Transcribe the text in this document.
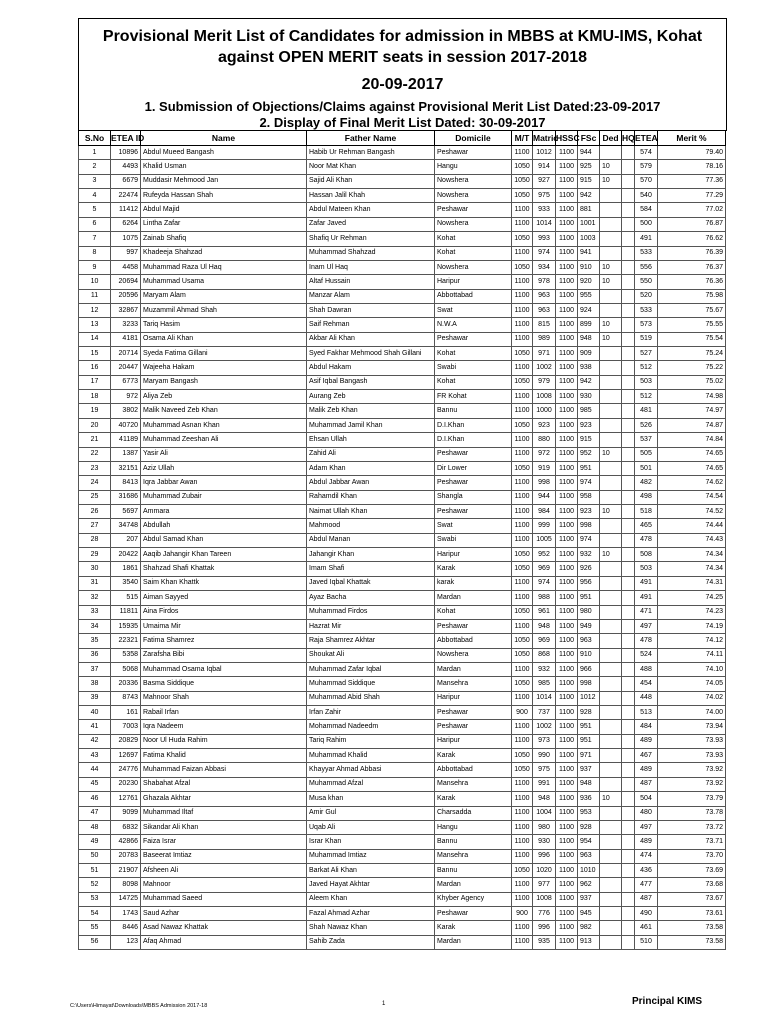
Provisional Merit List of Candidates for admission in MBBS at KMU-IMS, Kohat
against OPEN MERIT seats in session 2017-2018
20-09-2017
1. Submission of Objections/Claims against Provisional Merit List Dated:23-09-2017
2. Display of Final Merit List Dated: 30-09-2017
S.No	ETEA ID	Name	Father Name	Domicile	M/T	Matric	HSSC	FSc	Ded	HQ	ETEA	Merit %
1	10896	Abdul Mueed Bangash	Habib Ur Rehman Bangash	Peshawar	1100	1012	1100	944			574	79.40
2	4493	Khalid Usman	Noor Mat Khan	Hangu	1050	914	1100	925	10		579	78.16
3	6679	Muddasir Mehmood Jan	Sajid Ali Khan	Nowshera	1050	927	1100	915	10		570	77.36
4	22474	Rufeyda Hassan Shah	Hassan Jalil Khah	Nowshera	1050	975	1100	942			540	77.29
5	11412	Abdul Majid	Abdul Mateen Khan	Peshawar	1100	933	1100	881			584	77.02
6	6264	Lintha Zafar	Zafar Javed	Nowshera	1100	1014	1100	1001			500	76.87
7	1075	Zainab Shafiq	Shafiq Ur Rehman	Kohat	1050	993	1100	1003			491	76.62
8	997	Khadeeja Shahzad	Muhammad Shahzad	Kohat	1100	974	1100	941			533	76.39
9	4458	Muhammad Raza Ul Haq	Inam Ul Haq	Nowshera	1050	934	1100	910	10		556	76.37
10	20694	Muhammad Usama	Altaf Hussain	Haripur	1100	978	1100	920	10		550	76.36
11	20596	Maryam Alam	Manzar Alam	Abbottabad	1100	963	1100	955			520	75.98
12	32867	Muzammil Ahmad Shah	Shah Dawran	Swat	1100	963	1100	924			533	75.67
13	3233	Tariq Hasim	Saif Rehman	N.W.A	1100	815	1100	899	10		573	75.55
14	4181	Osama Ali Khan	Akbar Ali Khan	Peshawar	1100	989	1100	948	10		519	75.54
15	20714	Syeda Fatima Gillani	Syed Fakhar Mehmood Shah Gillani	Kohat	1050	971	1100	909			527	75.24
16	20447	Wajeeha Hakam	Abdul Hakam	Swabi	1100	1002	1100	938			512	75.22
17	6773	Maryam Bangash	Asif Iqbal Bangash	Kohat	1050	979	1100	942			503	75.02
18	972	Aliya Zeb	Aurang Zeb	FR Kohat	1100	1008	1100	930			512	74.98
19	3802	Malik Naveed Zeb Khan	Malik Zeb Khan	Bannu	1100	1000	1100	985			481	74.97
20	40720	Muhammad Asnan Khan	Muhammad Jamil Khan	D.I.Khan	1050	923	1100	923			526	74.87
21	41189	Muhammad Zeeshan Ali	Ehsan Ullah	D.I.Khan	1100	880	1100	915			537	74.84
22	1387	Yasir Ali	Zahid Ali	Peshawar	1100	972	1100	952	10		505	74.65
23	32151	Aziz Ullah	Adam Khan	Dir Lower	1050	919	1100	951			501	74.65
24	8413	Iqra Jabbar Awan	Abdul Jabbar Awan	Peshawar	1100	998	1100	974			482	74.62
25	31686	Muhammad Zubair	Rahamdil Khan	Shangla	1100	944	1100	958			498	74.54
26	5697	Ammara	Naimat Ullah Khan	Peshawar	1100	984	1100	923	10		518	74.52
27	34748	Abdullah	Mahmood	Swat	1100	999	1100	998			465	74.44
28	207	Abdul Samad Khan	Abdul Manan	Swabi	1100	1005	1100	974			478	74.43
29	20422	Aaqib Jahangir Khan Tareen	Jahangir Khan	Haripur	1050	952	1100	932	10		508	74.34
30	1861	Shahzad Shafi Khattak	Imam Shafi	Karak	1050	969	1100	926			503	74.34
31	3540	Saim Khan Khattk	Javed Iqbal Khattak	karak	1100	974	1100	956			491	74.31
32	515	Aiman Sayyed	Ayaz Bacha	Mardan	1100	988	1100	951			491	74.25
33	11811	Aina Firdos	Muhammad Firdos	Kohat	1050	961	1100	980			471	74.23
34	15935	Umaima Mir	Hazrat Mir	Peshawar	1100	948	1100	949			497	74.19
35	22321	Fatima Shamrez	Raja Shamrez Akhtar	Abbottabad	1050	969	1100	963			478	74.12
36	5358	Zarafsha Bibi	Shoukat Ali	Nowshera	1050	868	1100	910			524	74.11
37	5068	Muhammad Osama Iqbal	Muhammad Zafar Iqbal	Mardan	1100	932	1100	966			488	74.10
38	20336	Basma Siddique	Muhammad Siddique	Mansehra	1050	985	1100	998			454	74.05
39	8743	Mahnoor Shah	Muhammad Abid Shah	Haripur	1100	1014	1100	1012			448	74.02
40	161	Rabail Irfan	Irfan Zahir	Peshawar	900	737	1100	928			513	74.00
41	7003	Iqra Nadeem	Mohammad Nadeedm	Peshawar	1100	1002	1100	951			484	73.94
42	20829	Noor Ul Huda Rahim	Tariq Rahim	Haripur	1100	973	1100	951			489	73.93
43	12697	Fatima Khalid	Muhammad Khalid	Karak	1050	990	1100	971			467	73.93
44	24776	Muhammad Faizan Abbasi	Khayyar Ahmad Abbasi	Abbottabad	1050	975	1100	937			489	73.92
45	20230	Shabahat Afzal	Muhammad Afzal	Mansehra	1100	991	1100	948			487	73.92
46	12761	Ghazala Akhtar	Musa khan	Karak	1100	948	1100	936	10		504	73.79
47	9099	Muhammad Iltaf	Amir Gul	Charsadda	1100	1004	1100	953			480	73.78
48	6832	Sikandar Ali Khan	Uqab Ali	Hangu	1100	980	1100	928			497	73.72
49	42866	Faiza Israr	Israr Khan	Bannu	1100	930	1100	954			489	73.71
50	20783	Baseerat Imtiaz	Muhammad Imtiaz	Mansehra	1100	996	1100	963			474	73.70
51	21907	Afsheen Ali	Barkat Ali Khan	Bannu	1050	1020	1100	1010			436	73.69
52	8098	Mahnoor	Javed Hayat Akhtar	Mardan	1100	977	1100	962			477	73.68
53	14725	Muhammad Saeed	Aleem Khan	Khyber Agency	1100	1008	1100	937			487	73.67
54	1743	Saud Azhar	Fazal Ahmad Azhar	Peshawar	900	776	1100	945			490	73.61
55	8446	Asad Nawaz Khattak	Shah Nawaz Khan	Karak	1100	996	1100	982			461	73.58
56	123	Afaq Ahmad	Sahib Zada	Mardan	1100	935	1100	913			510	73.58
C:\Users\Himayat\Downloads\MBBS Admission 2017-18	1	Principal KIMS
